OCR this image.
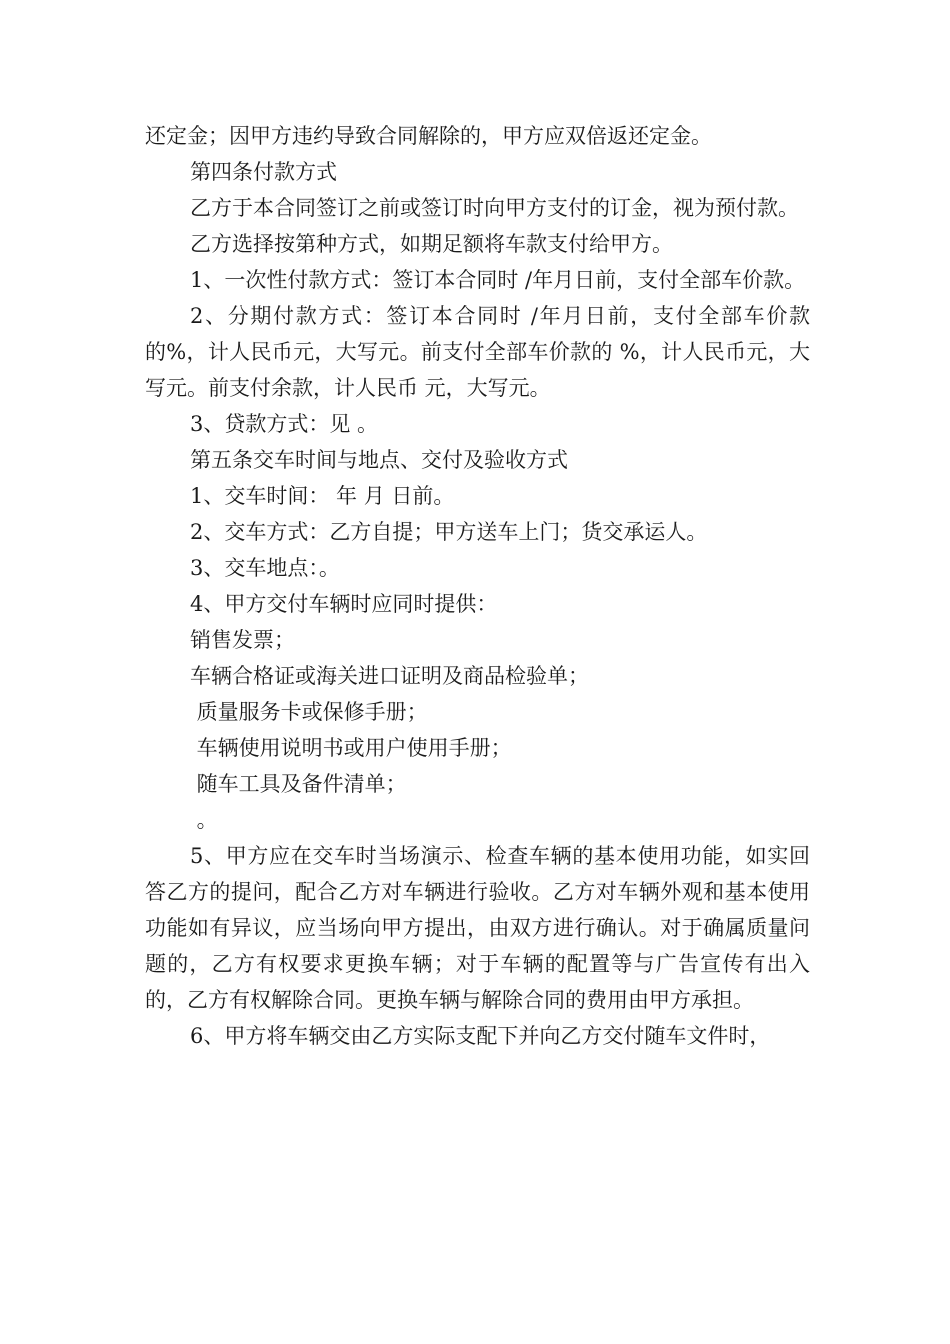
还定金；因甲方违约导致合同解除的，甲方应双倍返还定金。

第四条付款方式

乙方于本合同签订之前或签订时向甲方支付的订金，视为预付款。

乙方选择按第种方式，如期足额将车款支付给甲方。

1、一次性付款方式：签订本合同时 /年月日前，支付全部车价款。

2、分期付款方式：签订本合同时 /年月日前，支付全部车价款的%，计人民币元，大写元。前支付全部车价款的 %，计人民币元，大写元。前支付余款，计人民币 元，大写元。

3、贷款方式：见 。

第五条交车时间与地点、交付及验收方式

1、交车时间： 年 月 日前。

2、交车方式：乙方自提；甲方送车上门；货交承运人。

3、交车地点：。

4、甲方交付车辆时应同时提供：

销售发票；

车辆合格证或海关进口证明及商品检验单；

质量服务卡或保修手册；

车辆使用说明书或用户使用手册；

随车工具及备件清单；

。

5、甲方应在交车时当场演示、检查车辆的基本使用功能，如实回答乙方的提问，配合乙方对车辆进行验收。乙方对车辆外观和基本使用功能如有异议，应当场向甲方提出，由双方进行确认。对于确属质量问题的，乙方有权要求更换车辆；对于车辆的配置等与广告宣传有出入的，乙方有权解除合同。更换车辆与解除合同的费用由甲方承担。

6、甲方将车辆交由乙方实际支配下并向乙方交付随车文件时，
